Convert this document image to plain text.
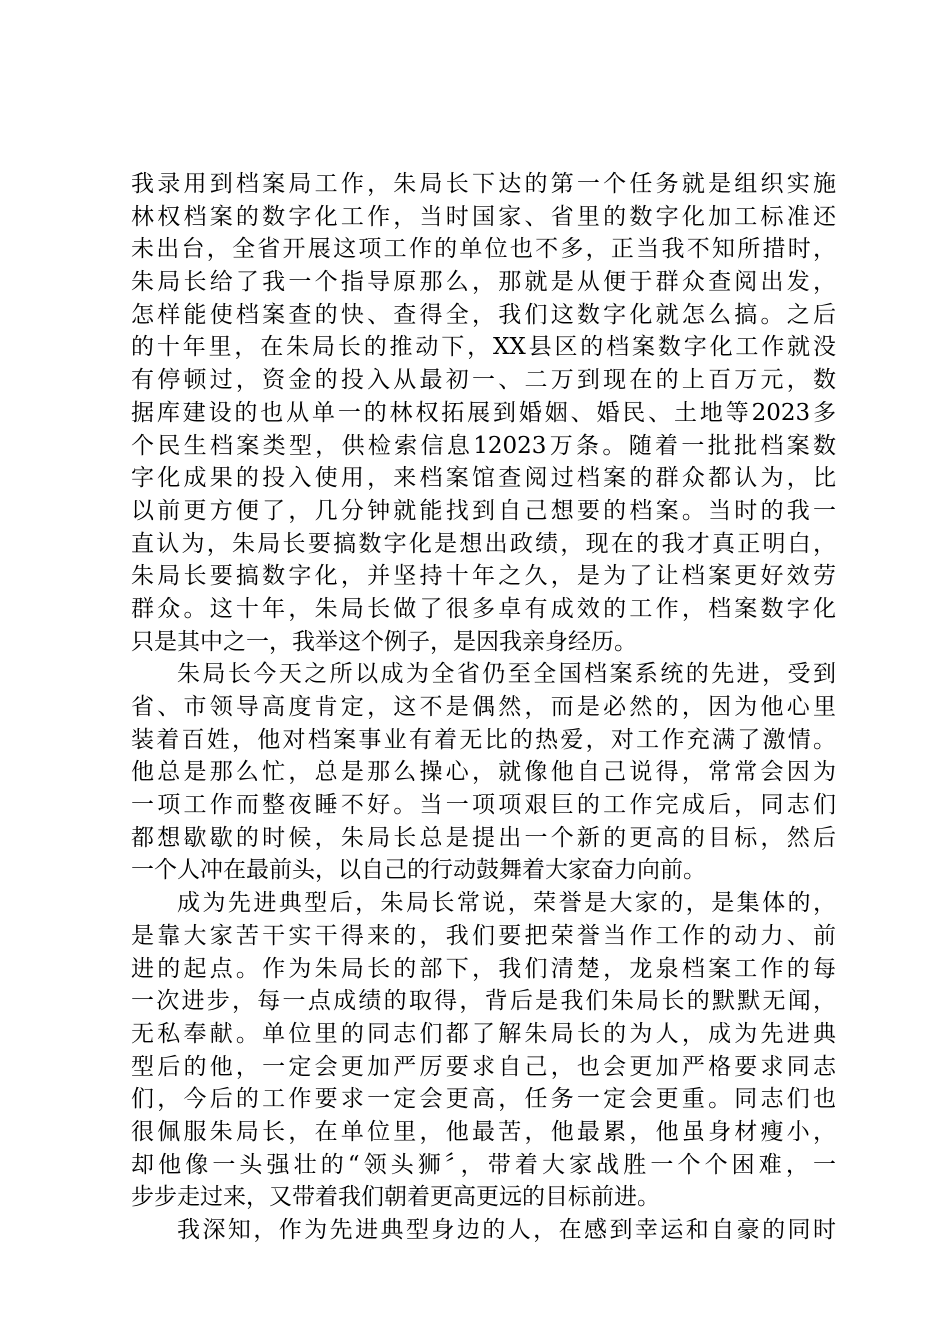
我录用到档案局工作，朱局长下达的第一个任务就是组织实施
林权档案的数字化工作，当时国家、省里的数字化加工标准还
未出台，全省开展这项工作的单位也不多，正当我不知所措时，
朱局长给了我一个指导原那么，那就是从便于群众查阅出发，
怎样能使档案查的快、查得全，我们这数字化就怎么搞。之后
的十年里，在朱局长的推动下，XX县区的档案数字化工作就没
有停顿过，资金的投入从最初一、二万到现在的上百万元，数
据库建设的也从单一的林权拓展到婚姻、婚民、土地等2023多
个民生档案类型，供检索信息12023万条。随着一批批档案数
字化成果的投入使用，来档案馆查阅过档案的群众都认为，比
以前更方便了，几分钟就能找到自己想要的档案。当时的我一
直认为，朱局长要搞数字化是想出政绩，现在的我才真正明白，
朱局长要搞数字化，并坚持十年之久，是为了让档案更好效劳
群众。这十年，朱局长做了很多卓有成效的工作，档案数字化
只是其中之一，我举这个例子，是因我亲身经历。
朱局长今天之所以成为全省仍至全国档案系统的先进，受到
省、市领导高度肯定，这不是偶然，而是必然的，因为他心里
装着百姓，他对档案事业有着无比的热爱，对工作充满了激情。
他总是那么忙，总是那么操心，就像他自己说得，常常会因为
一项工作而整夜睡不好。当一项项艰巨的工作完成后，同志们
都想歇歇的时候，朱局长总是提出一个新的更高的目标，然后
一个人冲在最前头，以自己的行动鼓舞着大家奋力向前。
成为先进典型后，朱局长常说，荣誉是大家的，是集体的，
是靠大家苦干实干得来的，我们要把荣誉当作工作的动力、前
进的起点。作为朱局长的部下，我们清楚，龙泉档案工作的每
一次进步，每一点成绩的取得，背后是我们朱局长的默默无闻，
无私奉献。单位里的同志们都了解朱局长的为人，成为先进典
型后的他，一定会更加严厉要求自己，也会更加严格要求同志
们，今后的工作要求一定会更高，任务一定会更重。同志们也
很佩服朱局长，在单位里，他最苦，他最累，他虽身材瘦小，
却他像一头强壮的“领头狮〞，带着大家战胜一个个困难，一
步步走过来，又带着我们朝着更高更远的目标前进。
我深知，作为先进典型身边的人，在感到幸运和自豪的同时
